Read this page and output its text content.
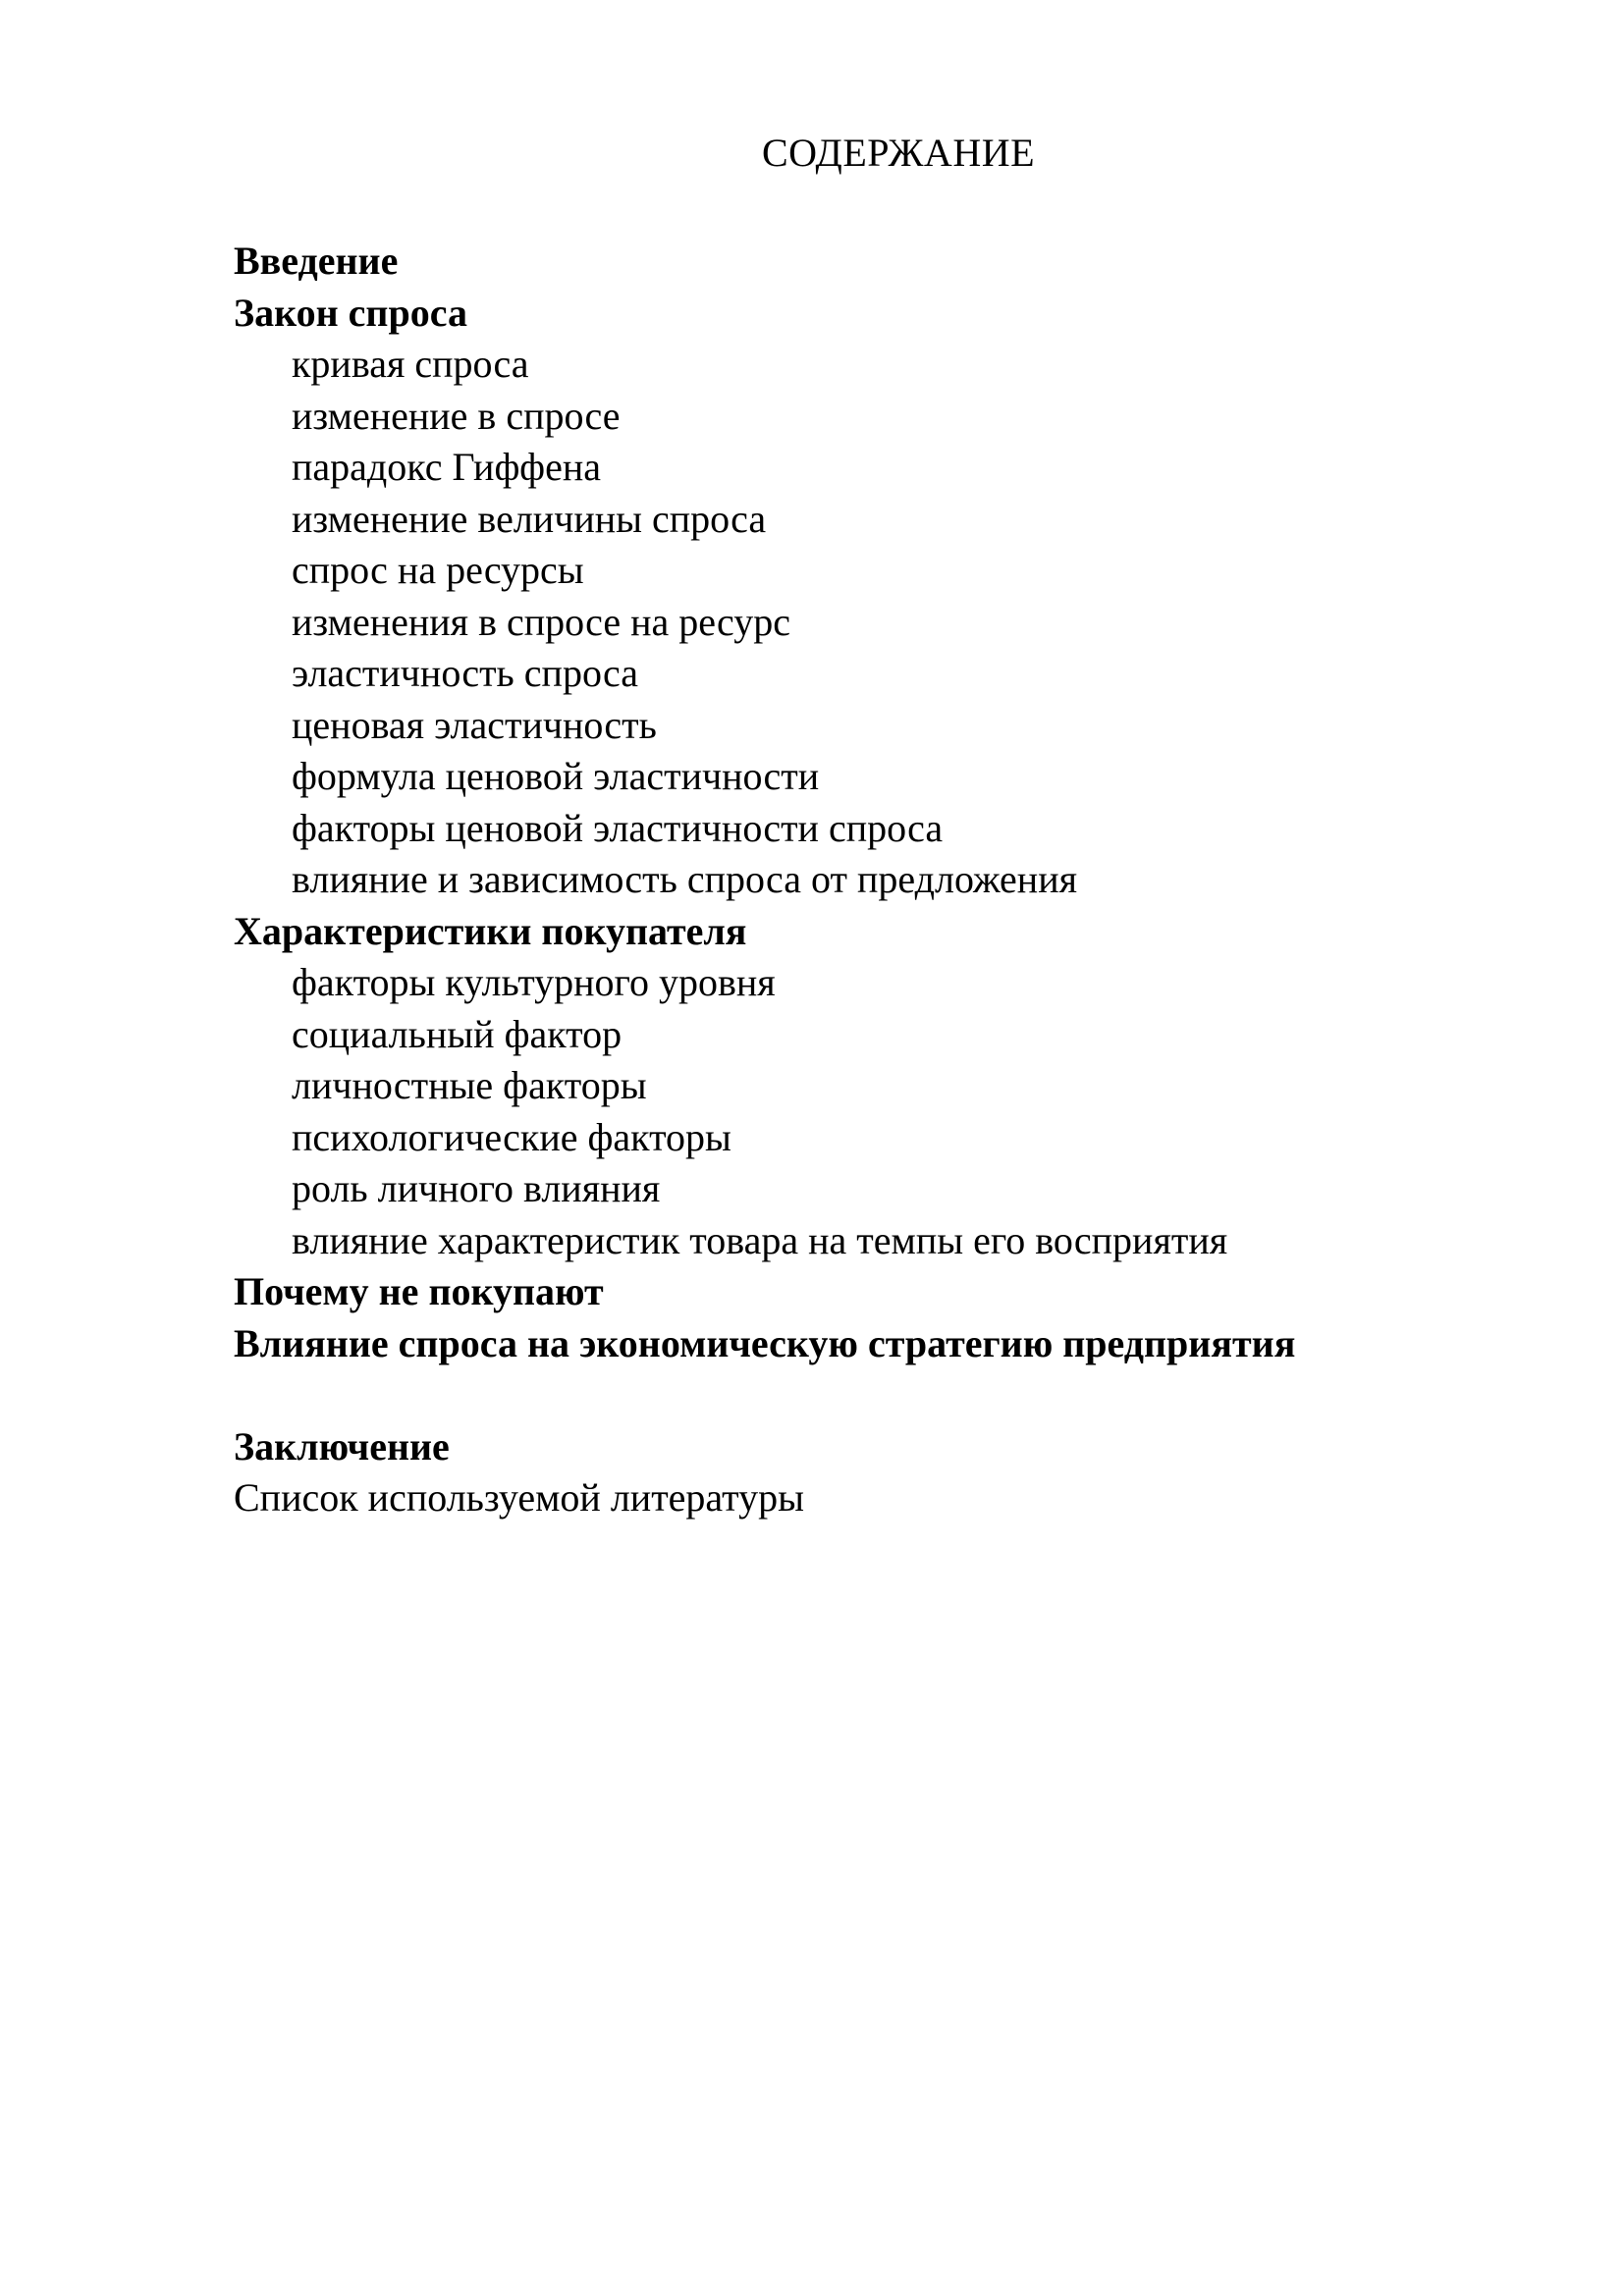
СОДЕРЖАНИЕ
Введение
Закон спроса
кривая спроса
изменение в спросе
парадокс Гиффена
изменение величины спроса
спрос на ресурсы
изменения в спросе на ресурс
эластичность спроса
ценовая эластичность
формула ценовой эластичности
факторы ценовой эластичности спроса
влияние и зависимость спроса от предложения
Характеристики покупателя
факторы культурного уровня
социальный фактор
личностные факторы
психологические факторы
роль личного влияния
влияние характеристик товара на темпы его восприятия
Почему не покупают
Влияние спроса на экономическую стратегию предприятия
Заключение
Список используемой литературы
